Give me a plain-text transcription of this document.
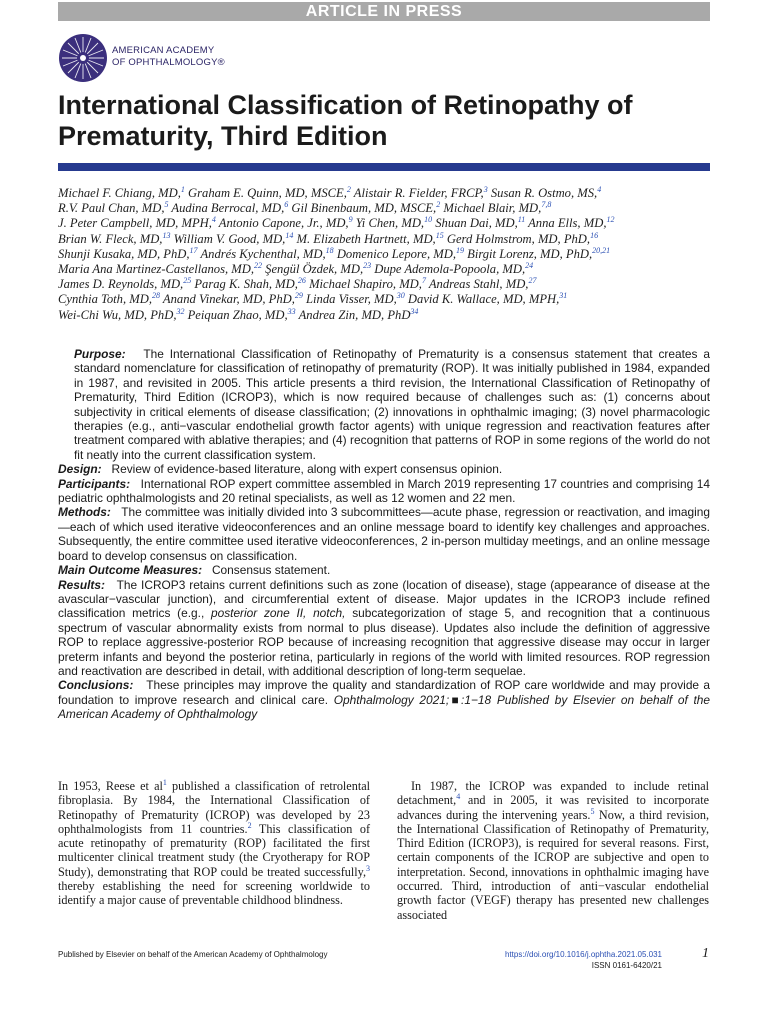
ARTICLE IN PRESS
AMERICAN ACADEMY
OF OPHTHALMOLOGY®
International Classification of Retinopathy of Prematurity, Third Edition
Michael F. Chiang, MD,$^1$ Graham E. Quinn, MD, MSCE,$^2$ Alistair R. Fielder, FRCP,$^3$ Susan R. Ostmo, MS,$^4$
R.V. Paul Chan, MD,$^5$ Audina Berrocal, MD,$^6$ Gil Binenbaum, MD, MSCE,$^2$ Michael Blair, MD,$^{7,8}$
J. Peter Campbell, MD, MPH,$^4$ Antonio Capone, Jr., MD,$^9$ Yi Chen, MD,$^{10}$ Shuan Dai, MD,$^{11}$ Anna Ells, MD,$^{12}$
Brian W. Fleck, MD,$^{13}$ William V. Good, MD,$^{14}$ M. Elizabeth Hartnett, MD,$^{15}$ Gerd Holmstrom, MD, PhD,$^{16}$
Shunji Kusaka, MD, PhD,$^{17}$ Andrés Kychenthal, MD,$^{18}$ Domenico Lepore, MD,$^{19}$ Birgit Lorenz, MD, PhD,$^{20,21}$
Maria Ana Martinez-Castellanos, MD,$^{22}$ Şengül Özdek, MD,$^{23}$ Dupe Ademola-Popoola, MD,$^{24}$
James D. Reynolds, MD,$^{25}$ Parag K. Shah, MD,$^{26}$ Michael Shapiro, MD,$^7$ Andreas Stahl, MD,$^{27}$
Cynthia Toth, MD,$^{28}$ Anand Vinekar, MD, PhD,$^{29}$ Linda Visser, MD,$^{30}$ David K. Wallace, MD, MPH,$^{31}$
Wei-Chi Wu, MD, PhD,$^{32}$ Peiquan Zhao, MD,$^{33}$ Andrea Zin, MD, PhD$^{34}$

Purpose: The International Classification of Retinopathy of Prematurity is a consensus statement that creates a standard nomenclature for classification of retinopathy of prematurity (ROP). It was initially published in 1984, expanded in 1987, and revisited in 2005. This article presents a third revision, the International Classification of Retinopathy of Prematurity, Third Edition (ICROP3), which is now required because of challenges such as: (1) concerns about subjectivity in critical elements of disease classification; (2) innovations in ophthalmic imaging; (3) novel pharmacologic therapies (e.g., anti−vascular endothelial growth factor agents) with unique regression and reactivation features after treatment compared with ablative therapies; and (4) recognition that patterns of ROP in some regions of the world do not fit neatly into the current classification system.

Design: Review of evidence-based literature, along with expert consensus opinion.

Participants: International ROP expert committee assembled in March 2019 representing 17 countries and comprising 14 pediatric ophthalmologists and 20 retinal specialists, as well as 12 women and 22 men.

Methods: The committee was initially divided into 3 subcommittees—acute phase, regression or reactivation, and imaging—each of which used iterative videoconferences and an online message board to identify key challenges and approaches. Subsequently, the entire committee used iterative videoconferences, 2 in-person multiday meetings, and an online message board to develop consensus on classification.

Main Outcome Measures: Consensus statement.

Results: The ICROP3 retains current definitions such as zone (location of disease), stage (appearance of disease at the avascular−vascular junction), and circumferential extent of disease. Major updates in the ICROP3 include refined classification metrics (e.g., posterior zone II, notch, subcategorization of stage 5, and recognition that a continuous spectrum of vascular abnormality exists from normal to plus disease). Updates also include the definition of aggressive ROP to replace aggressive-posterior ROP because of increasing recognition that aggressive disease may occur in larger preterm infants and beyond the posterior retina, particularly in regions of the world with limited resources. ROP regression and reactivation are described in detail, with additional description of long-term sequelae.

Conclusions: These principles may improve the quality and standardization of ROP care worldwide and may provide a foundation to improve research and clinical care. Ophthalmology 2021;■:1−18 Published by Elsevier on behalf of the American Academy of Ophthalmology

In 1953, Reese et $al^1$ published a classification of retrolental fibroplasia. By 1984, the International Classification of Retinopathy of Prematurity (ICROP) was developed by 23 ophthalmologists from 11 countries.$^2$ This classification of acute retinopathy of prematurity (ROP) facilitated the first multicenter clinical treatment study (the Cryotherapy for ROP Study), demonstrating that ROP could be treated successfully,$^3$ thereby establishing the need for screening worldwide to identify a major cause of preventable childhood blindness.

In 1987, the ICROP was expanded to include retinal detachment,$^4$ and in 2005, it was revisited to incorporate advances during the intervening years.$^5$ Now, a third revision, the International Classification of Retinopathy of Prematurity, Third Edition (ICROP3), is required for several reasons. First, certain components of the ICROP are subjective and open to interpretation. Second, innovations in ophthalmic imaging have occurred. Third, introduction of anti−vascular endothelial growth factor (VEGF) therapy has presented new challenges associated

Published by Elsevier on behalf of the American Academy of Ophthalmology	https://doi.org/10.1016/j.ophtha.2021.05.031
ISSN 0161-6420/21
1
